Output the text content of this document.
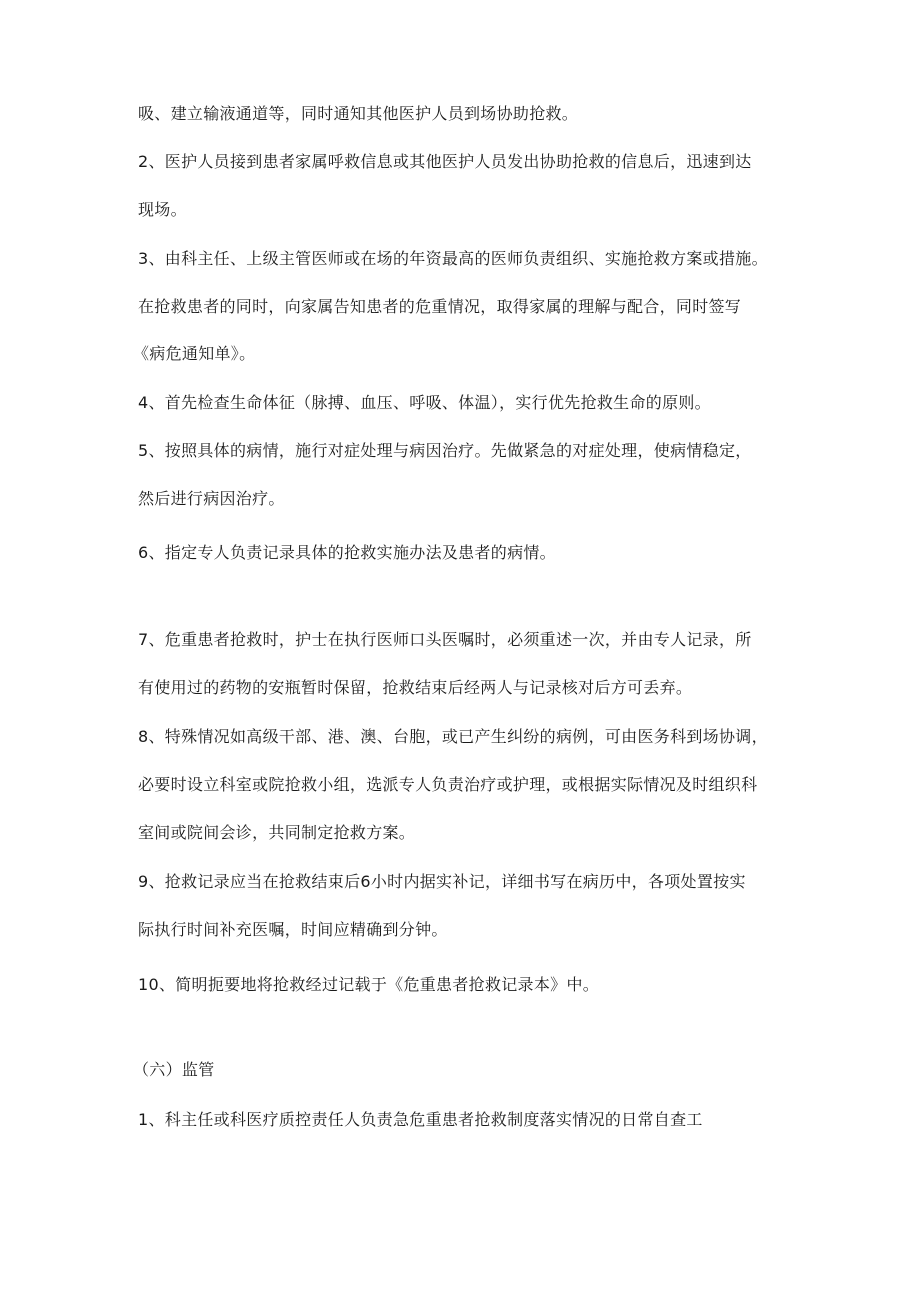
吸、建立输液通道等，同时通知其他医护人员到场协助抢救。
2、医护人员接到患者家属呼救信息或其他医护人员发出协助抢救的信息后，迅速到达
现场。
3、由科主任、上级主管医师或在场的年资最高的医师负责组织、实施抢救方案或措施。
在抢救患者的同时，向家属告知患者的危重情况，取得家属的理解与配合，同时签写
《病危通知单》。
4、首先检查生命体征（脉搏、血压、呼吸、体温），实行优先抢救生命的原则。
5、按照具体的病情，施行对症处理与病因治疗。先做紧急的对症处理，使病情稳定，
然后进行病因治疗。
6、指定专人负责记录具体的抢救实施办法及患者的病情。
7、危重患者抢救时，护士在执行医师口头医嘱时，必须重述一次，并由专人记录，所
有使用过的药物的安瓶暂时保留，抢救结束后经两人与记录核对后方可丢弃。
8、特殊情况如高级干部、港、澳、台胞，或已产生纠纷的病例，可由医务科到场协调，
必要时设立科室或院抢救小组，选派专人负责治疗或护理，或根据实际情况及时组织科
室间或院间会诊，共同制定抢救方案。
9、抢救记录应当在抢救结束后6小时内据实补记，详细书写在病历中，各项处置按实
际执行时间补充医嘱，时间应精确到分钟。
10、简明扼要地将抢救经过记载于《危重患者抢救记录本》中。
（六）监管
1、科主任或科医疗质控责任人负责急危重患者抢救制度落实情况的日常自查工
